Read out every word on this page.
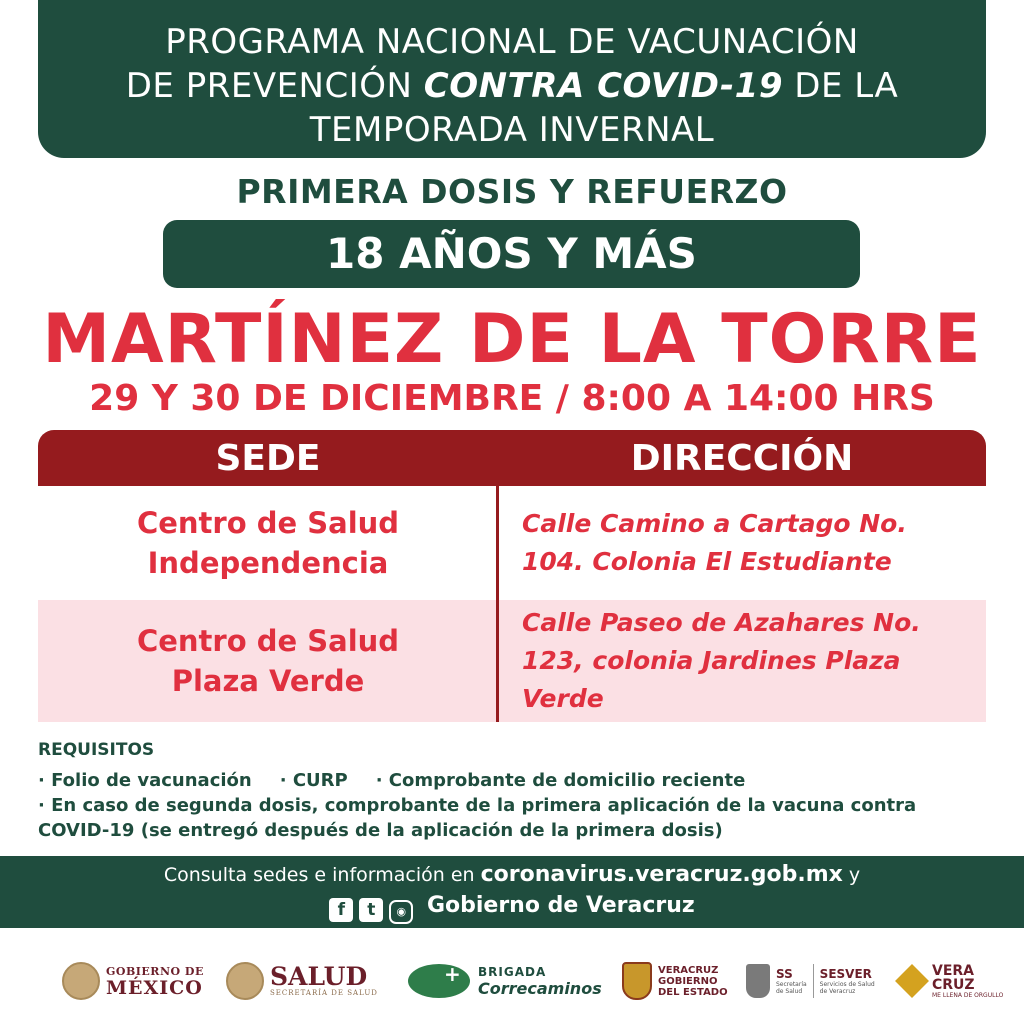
PROGRAMA NACIONAL DE VACUNACIÓN
DE PREVENCIÓN CONTRA COVID-19 DE LA
TEMPORADA INVERNAL
PRIMERA DOSIS Y REFUERZO
18 AÑOS Y MÁS
MARTÍNEZ DE LA TORRE
29 Y 30 DE DICIEMBRE / 8:00 A 14:00 HRS
SEDE	DIRECCIÓN
Centro de Salud
Independencia
Calle Camino a Cartago No.
104. Colonia El Estudiante
Centro de Salud
Plaza Verde
Calle Paseo de Azahares No.
123, colonia Jardines Plaza
Verde
REQUISITOS
· Folio de vacunación · CURP · Comprobante de domicilio reciente
· En caso de segunda dosis, comprobante de la primera aplicación de la vacuna contra
COVID-19 (se entregó después de la aplicación de la primera dosis)
Consulta sedes e información en coronavirus.veracruz.gob.mx y
f t ◉ Gobierno de Veracruz
GOBIERNO DE
MÉXICO	SALUD
SECRETARÍA DE SALUD
+
BRIGADA
Correcaminos
VERACRUZ
GOBIERNO
DEL ESTADO
SS
Secretaría
de Salud
SESVER
Servicios de Salud
de Veracruz
VERA
CRUZ
ME LLENA DE ORGULLO
